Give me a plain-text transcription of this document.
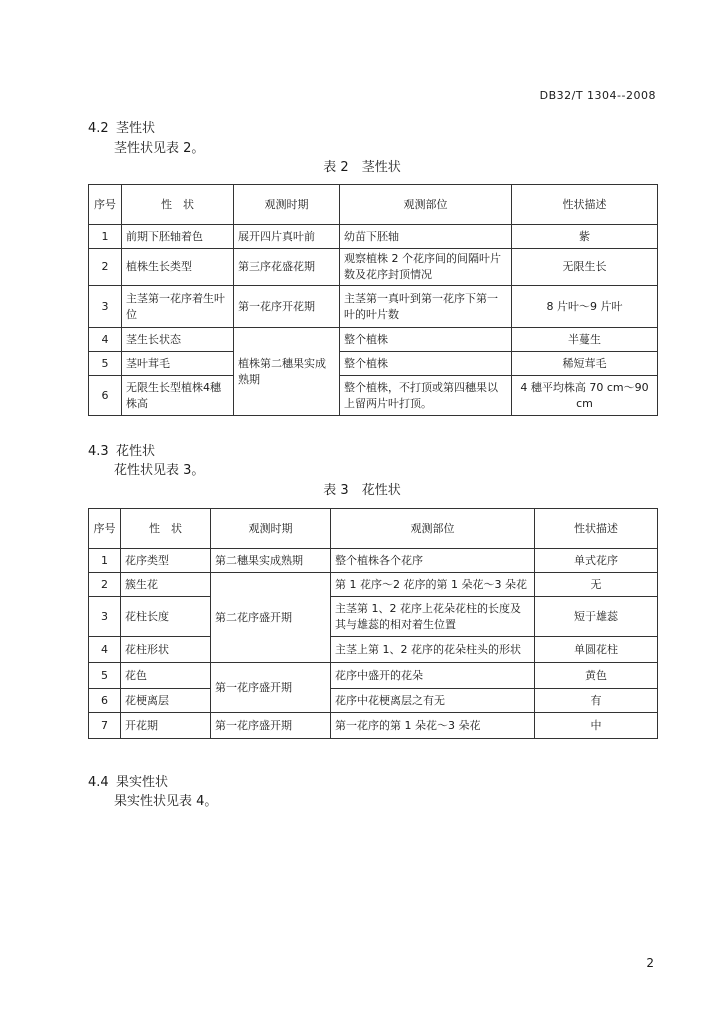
DB32/T 1304--2008
4.2 茎性状
茎性状见表 2。
表 2　茎性状
序号	性　状	观测时期	观测部位	性状描述
1	前期下胚轴着色	展开四片真叶前	幼苗下胚轴	紫
2	植株生长类型	第三序花盛花期	观察植株 2 个花序间的间隔叶片数及花序封顶情况	无限生长
3	主茎第一花序着生叶位	第一花序开花期	主茎第一真叶到第一花序下第一叶的叶片数	8 片叶～9 片叶
4	茎生长状态	植株第二穗果实成熟期	整个植株	半蔓生
5	茎叶茸毛		整个植株	稀短茸毛
6	无限生长型植株4穗株高		整个植株，不打顶或第四穗果以上留两片叶打顶。	4 穗平均株高 70 cm～90 cm
4.3 花性状
花性状见表 3。
表 3　花性状
序号	性　状	观测时期	观测部位	性状描述
1	花序类型	第二穗果实成熟期	整个植株各个花序	单式花序
2	簇生花	第二花序盛开期	第 1 花序～2 花序的第 1 朵花～3 朵花	无
3	花柱长度		主茎第 1、2 花序上花朵花柱的长度及其与雄蕊的相对着生位置	短于雄蕊
4	花柱形状		主茎上第 1、2 花序的花朵柱头的形状	单圆花柱
5	花色	第一花序盛开期	花序中盛开的花朵	黄色
6	花梗离层		花序中花梗离层之有无	有
7	开花期	第一花序盛开期	第一花序的第 1 朵花～3 朵花	中
4.4 果实性状
果实性状见表 4。
2
